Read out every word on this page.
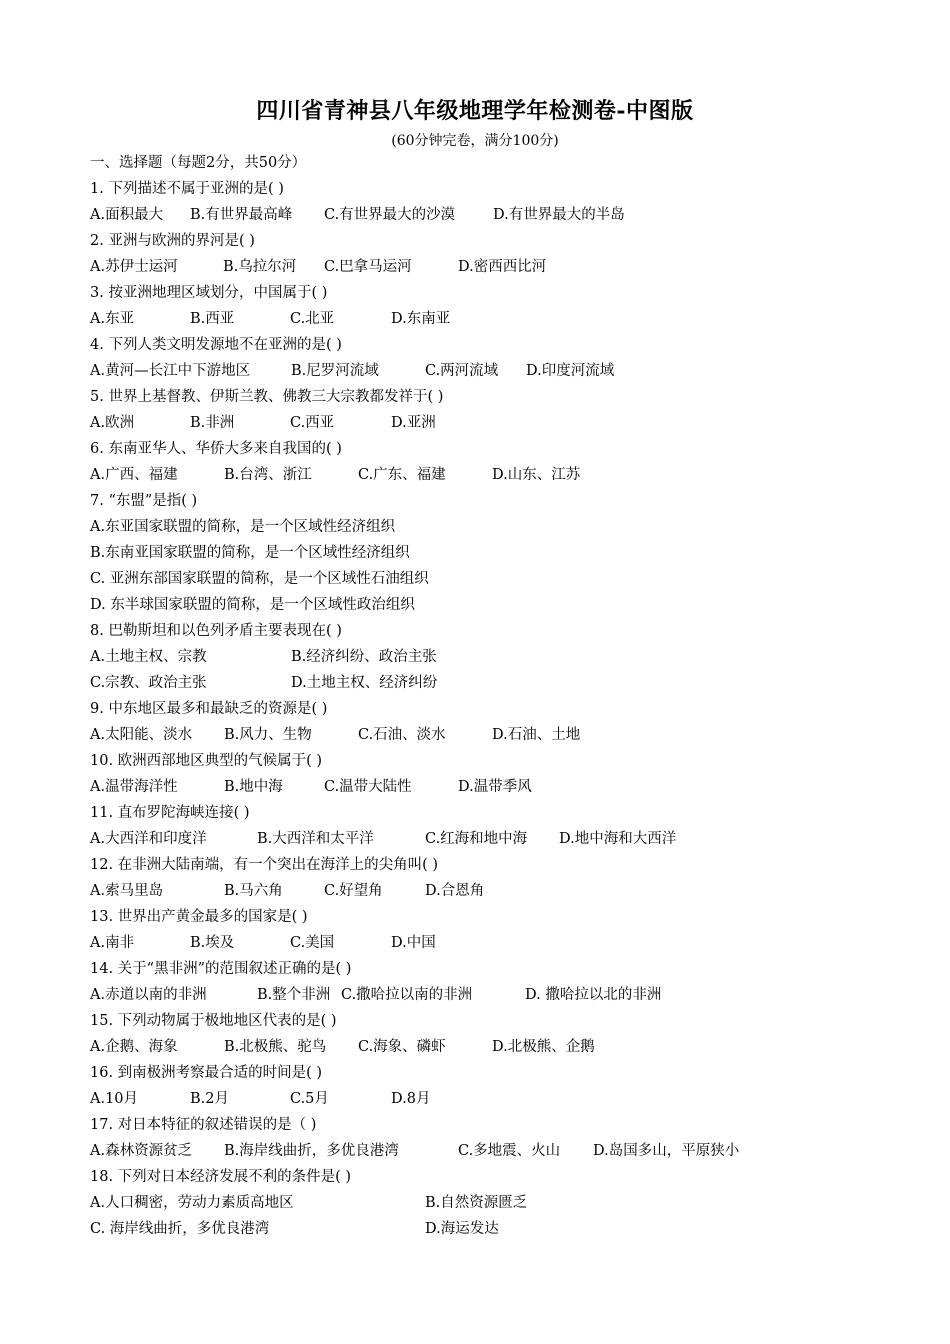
四川省青神县八年级地理学年检测卷-中图版
(60分钟完卷，满分100分)
一、选择题（每题2分，共50分）
1. 下列描述不属于亚洲的是( )
A.面积最大 B.有世界最高峰 C.有世界最大的沙漠	D.有世界最大的半岛
2. 亚洲与欧洲的界河是( )
A.苏伊士运河	B.乌拉尔河 C.巴拿马运河	D.密西西比河
3. 按亚洲地理区域划分，中国属于( )
A.东亚	B.西亚	C.北亚	D.东南亚
4. 下列人类文明发源地不在亚洲的是( )
A.黄河—长江中下游地区	B.尼罗河流域	C.两河流域 D.印度河流域
5. 世界上基督教、伊斯兰教、佛教三大宗教都发祥于( )
A.欧洲	B.非洲	C.西亚	D.亚洲
6. 东南亚华人、华侨大多来自我国的( )
A.广西、福建	B.台湾、浙江	C.广东、福建	D.山东、江苏
7. “东盟”是指( )
A.东亚国家联盟的简称，是一个区域性经济组织
B.东南亚国家联盟的简称，是一个区域性经济组织
C. 亚洲东部国家联盟的简称，是一个区域性石油组织
D. 东半球国家联盟的简称，是一个区域性政治组织
8. 巴勒斯坦和以色列矛盾主要表现在( )
A.土地主权、宗教	B.经济纠纷、政治主张
C.宗教、政治主张	D.土地主权、经济纠纷
9. 中东地区最多和最缺乏的资源是( )
A.太阳能、淡水 B.风力、生物	C.石油、淡水	D.石油、土地
10. 欧洲西部地区典型的气候属于( )
A.温带海洋性	B.地中海	C.温带大陆性	D.温带季风
11. 直布罗陀海峡连接( )
A.大西洋和印度洋	B.大西洋和太平洋	C.红海和地中海 D.地中海和大西洋
12. 在非洲大陆南端，有一个突出在海洋上的尖角叫( )
A.索马里岛	B.马六角	C.好望角	D.合恩角
13. 世界出产黄金最多的国家是( )
A.南非	B.埃及	C.美国	D.中国
14. 关于“黑非洲”的范围叙述正确的是( )
A.赤道以南的非洲	B.整个非洲 C.撒哈拉以南的非洲	D. 撒哈拉以北的非洲
15. 下列动物属于极地地区代表的是( )
A.企鹅、海象	B.北极熊、驼鸟 C.海象、磷虾	D.北极熊、企鹅
16. 到南极洲考察最合适的时间是( )
A.10月	B.2月	C.5月	D.8月
17. 对日本特征的叙述错误的是（ )
A.森林资源贫乏 B.海岸线曲折，多优良港湾	C.多地震、火山 D.岛国多山，平原狭小
18. 下列对日本经济发展不利的条件是( )
A.人口稠密，劳动力素质高地区	B.自然资源匮乏
C. 海岸线曲折，多优良港湾	D.海运发达
